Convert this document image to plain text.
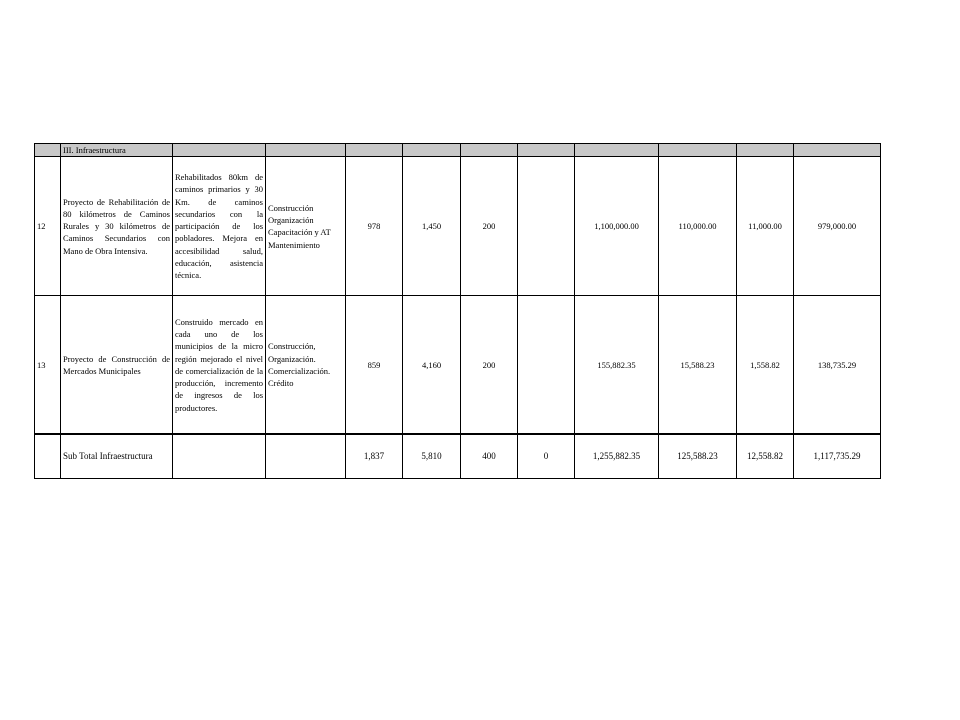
	III. Infraestructura										
12	Proyecto de Rehabilitación de 80 kilómetros de Caminos Rurales y 30 kilómetros de Caminos Secundarios con Mano de Obra Intensiva.	Rehabilitados 80km de caminos primarios y 30 Km. de caminos secundarios con la participación de los pobladores. Mejora en accesibilidad salud, educación, asistencia técnica.	Construcción
Organización
Capacitación y AT
Mantenimiento	978	1,450	200		1,100,000.00	110,000.00	11,000.00	979,000.00
13	Proyecto de Construcción de Mercados Municipales	Construido mercado en cada uno de los municipios de la micro región mejorado el nivel de comercialización de la producción, incremento de ingresos de los productores.	Construcción,
Organización.
Comercialización.
Crédito	859	4,160	200		155,882.35	15,588.23	1,558.82	138,735.29
	Sub Total Infraestructura			1,837	5,810	400	0	1,255,882.35	125,588.23	12,558.82	1,117,735.29
